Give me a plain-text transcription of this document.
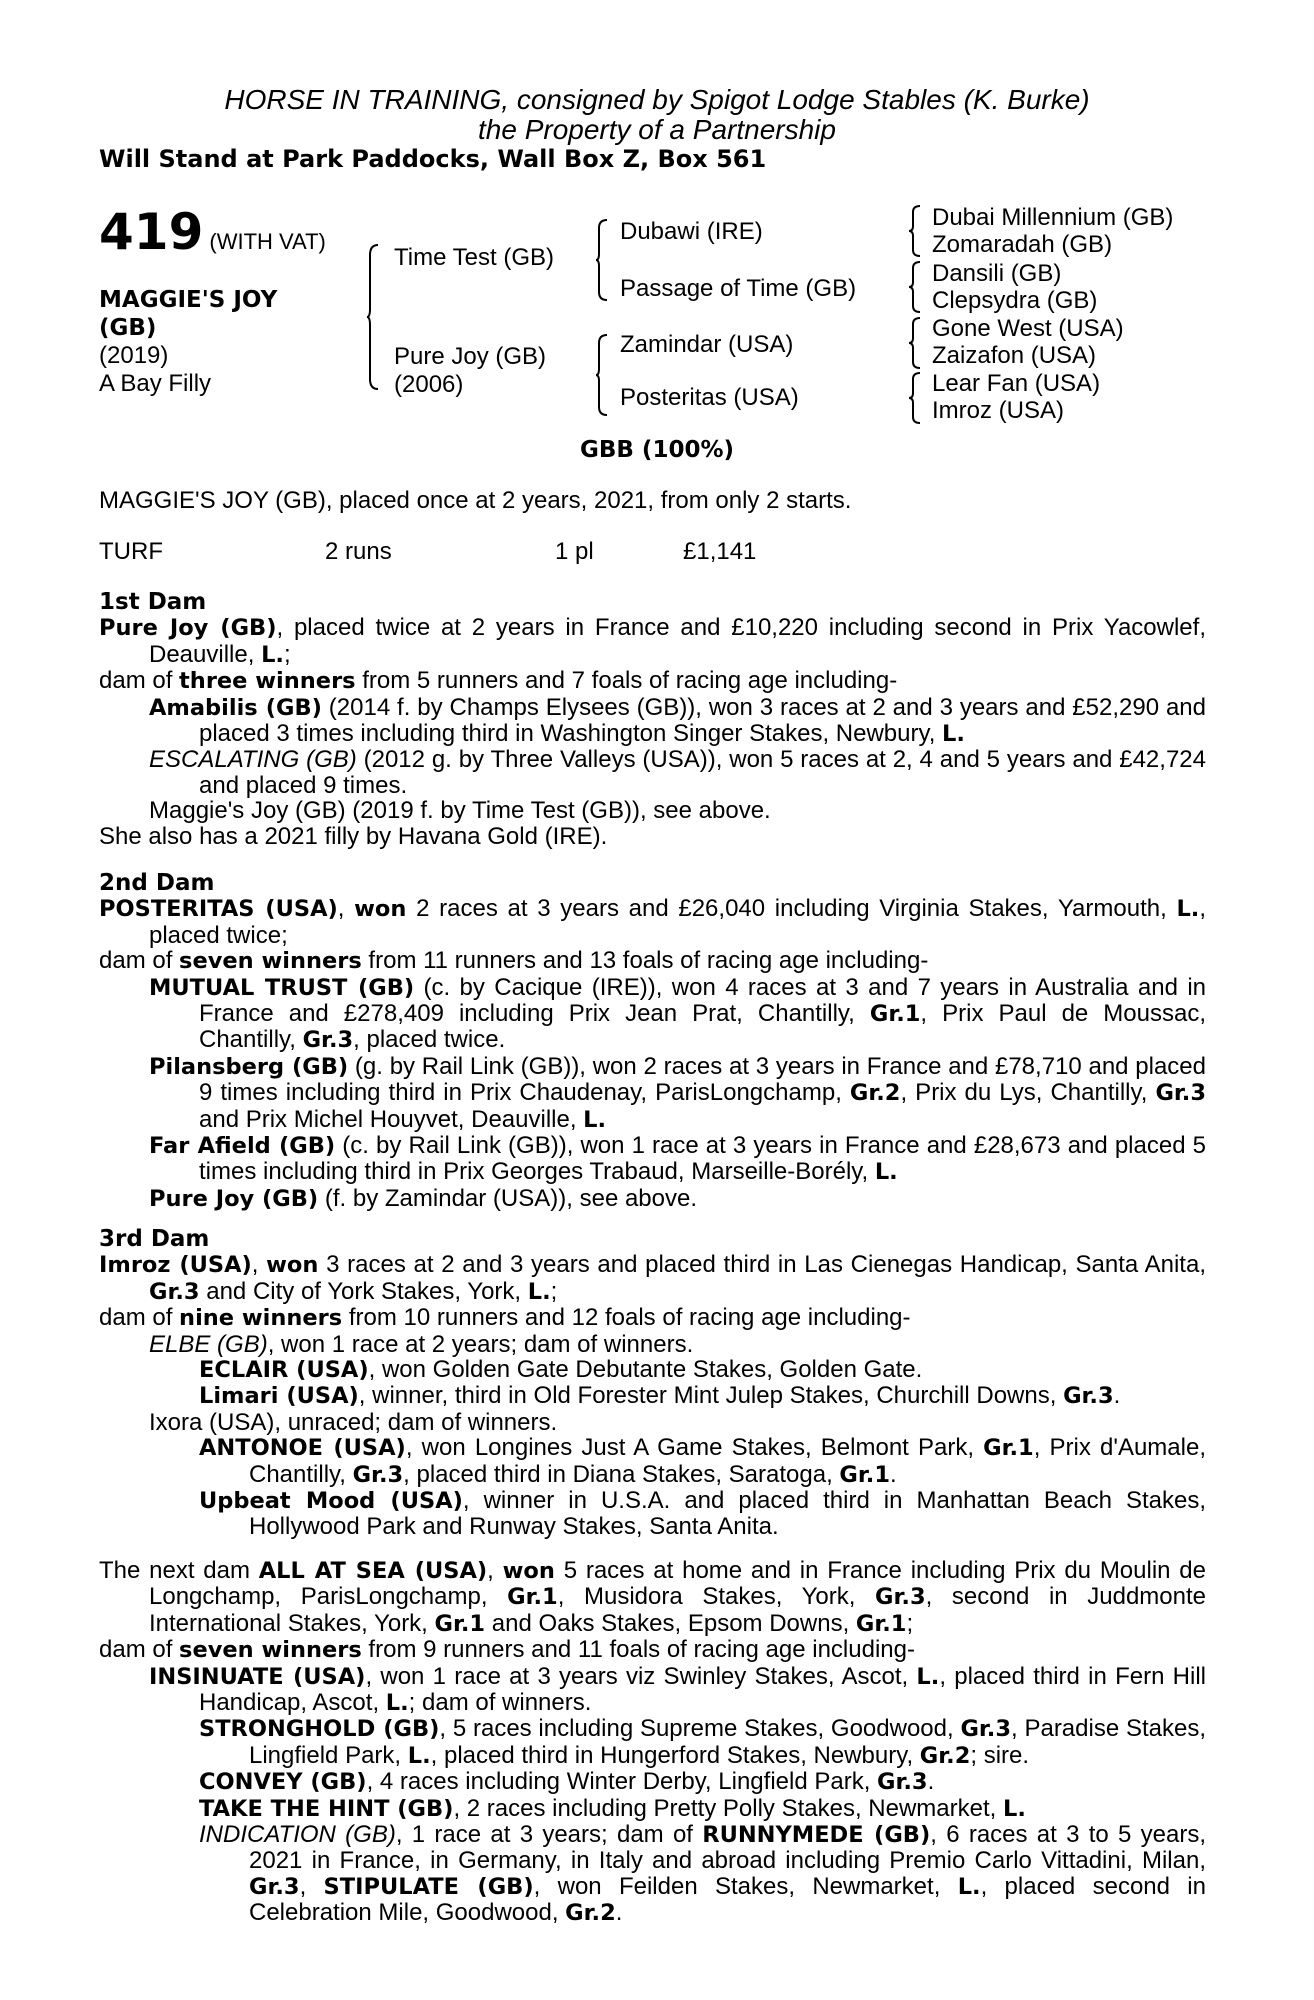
HORSE IN TRAINING, consigned by Spigot Lodge Stables (K. Burke)
the Property of a Partnership
Will Stand at Park Paddocks, Wall Box Z, Box 561
419 (WITH VAT)
MAGGIE'S JOY
(GB)
(2019)
A Bay Filly
Time Test (GB)
Pure Joy (GB)
(2006)
Dubawi (IRE)
Passage of Time (GB)
Zamindar (USA)
Posteritas (USA)
Dubai Millennium (GB)
Zomaradah (GB)
Dansili (GB)
Clepsydra (GB)
Gone West (USA)
Zaizafon (USA)
Lear Fan (USA)
Imroz (USA)
GBB (100%)
MAGGIE'S JOY (GB), placed once at 2 years, 2021, from only 2 starts.
TURF	2 runs	1 pl	£1,141
1st Dam

Pure Joy (GB), placed twice at 2 years in France and £10,220 including second in Prix Yacowlef, Deauville, L.;

dam of three winners from 5 runners and 7 foals of racing age including-

Amabilis (GB) (2014 f. by Champs Elysees (GB)), won 3 races at 2 and 3 years and £52,290 and placed 3 times including third in Washington Singer Stakes, Newbury, L.

ESCALATING (GB) (2012 g. by Three Valleys (USA)), won 5 races at 2, 4 and 5 years and £42,724 and placed 9 times.

Maggie's Joy (GB) (2019 f. by Time Test (GB)), see above.

She also has a 2021 filly by Havana Gold (IRE).

2nd Dam

POSTERITAS (USA), won 2 races at 3 years and £26,040 including Virginia Stakes, Yarmouth, L., placed twice;

dam of seven winners from 11 runners and 13 foals of racing age including-

MUTUAL TRUST (GB) (c. by Cacique (IRE)), won 4 races at 3 and 7 years in Australia and in France and £278,409 including Prix Jean Prat, Chantilly, Gr.1, Prix Paul de Moussac, Chantilly, Gr.3, placed twice.

Pilansberg (GB) (g. by Rail Link (GB)), won 2 races at 3 years in France and £78,710 and placed 9 times including third in Prix Chaudenay, ParisLongchamp, Gr.2, Prix du Lys, Chantilly, Gr.3 and Prix Michel Houyvet, Deauville, L.

Far Afield (GB) (c. by Rail Link (GB)), won 1 race at 3 years in France and £28,673 and placed 5 times including third in Prix Georges Trabaud, Marseille-Borély, L.

Pure Joy (GB) (f. by Zamindar (USA)), see above.

3rd Dam

Imroz (USA), won 3 races at 2 and 3 years and placed third in Las Cienegas Handicap, Santa Anita, Gr.3 and City of York Stakes, York, L.;

dam of nine winners from 10 runners and 12 foals of racing age including-

ELBE (GB), won 1 race at 2 years; dam of winners.

ECLAIR (USA), won Golden Gate Debutante Stakes, Golden Gate.

Limari (USA), winner, third in Old Forester Mint Julep Stakes, Churchill Downs, Gr.3.

Ixora (USA), unraced; dam of winners.

ANTONOE (USA), won Longines Just A Game Stakes, Belmont Park, Gr.1, Prix d'Aumale, Chantilly, Gr.3, placed third in Diana Stakes, Saratoga, Gr.1.

Upbeat Mood (USA), winner in U.S.A. and placed third in Manhattan Beach Stakes, Hollywood Park and Runway Stakes, Santa Anita.

The next dam ALL AT SEA (USA), won 5 races at home and in France including Prix du Moulin de Longchamp, ParisLongchamp, Gr.1, Musidora Stakes, York, Gr.3, second in Juddmonte International Stakes, York, Gr.1 and Oaks Stakes, Epsom Downs, Gr.1;

dam of seven winners from 9 runners and 11 foals of racing age including-

INSINUATE (USA), won 1 race at 3 years viz Swinley Stakes, Ascot, L., placed third in Fern Hill Handicap, Ascot, L.; dam of winners.

STRONGHOLD (GB), 5 races including Supreme Stakes, Goodwood, Gr.3, Paradise Stakes, Lingfield Park, L., placed third in Hungerford Stakes, Newbury, Gr.2; sire.

CONVEY (GB), 4 races including Winter Derby, Lingfield Park, Gr.3.

TAKE THE HINT (GB), 2 races including Pretty Polly Stakes, Newmarket, L.

INDICATION (GB), 1 race at 3 years; dam of RUNNYMEDE (GB), 6 races at 3 to 5 years, 2021 in France, in Germany, in Italy and abroad including Premio Carlo Vittadini, Milan, Gr.3, STIPULATE (GB), won Feilden Stakes, Newmarket, L., placed second in Celebration Mile, Goodwood, Gr.2.
